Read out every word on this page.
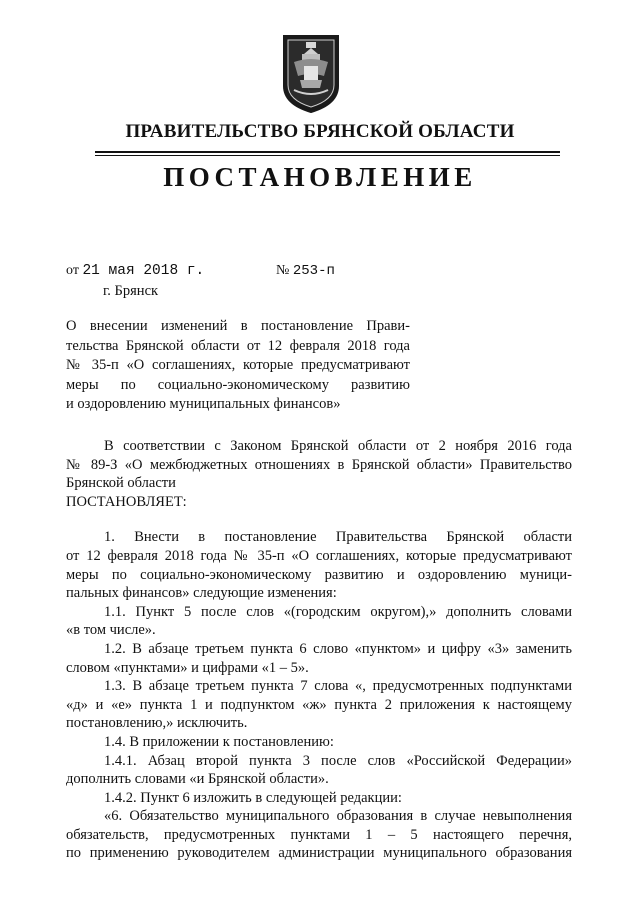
ПРАВИТЕЛЬСТВО БРЯНСКОЙ ОБЛАСТИ
ПОСТАНОВЛЕНИЕ
от 21 мая 2018 г.	№ 253-п
г. Брянск
О внесении изменений в постановление Прави-
тельства Брянской области от 12 февраля 2018 года
№ 35-п «О соглашениях, которые предусматривают
меры по социально-экономическому развитию
и оздоровлению муниципальных финансов»
В соответствии с Законом Брянской области от 2 ноября 2016 года
№ 89-З «О межбюджетных отношениях в Брянской области» Правительство
Брянской области
ПОСТАНОВЛЯЕТ:
1. Внести в постановление Правительства Брянской области
от 12 февраля 2018 года № 35-п «О соглашениях, которые предусматривают
меры по социально-экономическому развитию и оздоровлению муници-
пальных финансов» следующие изменения:
1.1. Пункт 5 после слов «(городским округом),» дополнить словами
«в том числе».
1.2. В абзаце третьем пункта 6 слово «пунктом» и цифру «3» заменить
словом «пунктами» и цифрами «1 – 5».
1.3. В абзаце третьем пункта 7 слова «, предусмотренных подпунктами
«д» и «е» пункта 1 и подпунктом «ж» пункта 2 приложения к настоящему
постановлению,» исключить.
1.4. В приложении к постановлению:
1.4.1. Абзац второй пункта 3 после слов «Российской Федерации»
дополнить словами «и Брянской области».
1.4.2. Пункт 6 изложить в следующей редакции:
«6. Обязательство муниципального образования в случае невыполнения
обязательств, предусмотренных пунктами 1 – 5 настоящего перечня,
по применению руководителем администрации муниципального образования
